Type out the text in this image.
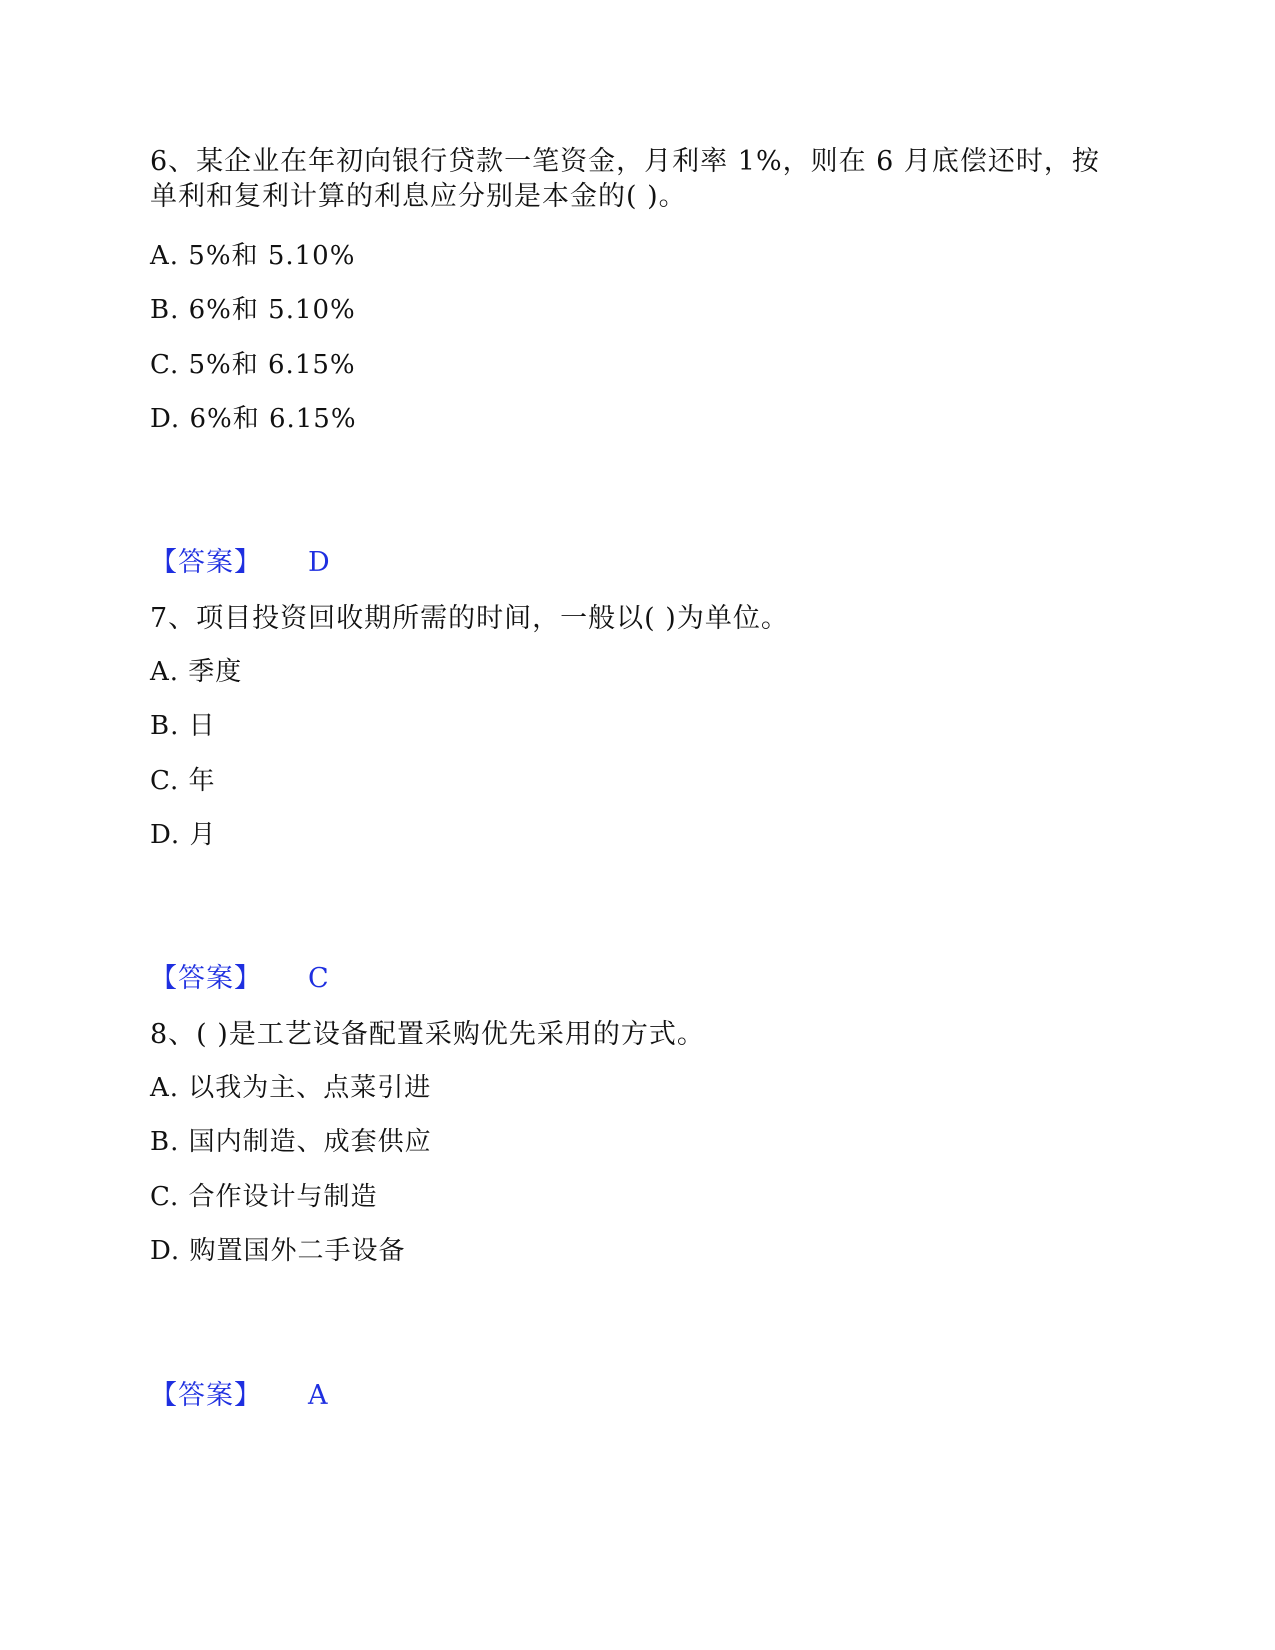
6、某企业在年初向银行贷款一笔资金，月利率 1%，则在 6 月底偿还时，按单利和复利计算的利息应分别是本金的( )。

A. 5%和 5.10%

B. 6%和 5.10%

C. 5%和 6.15%

D. 6%和 6.15%

【答案】 D

7、项目投资回收期所需的时间，一般以( )为单位。

A. 季度

B. 日

C. 年

D. 月

【答案】 C

8、( )是工艺设备配置采购优先采用的方式。

A. 以我为主、点菜引进

B. 国内制造、成套供应

C. 合作设计与制造

D. 购置国外二手设备

【答案】 A
